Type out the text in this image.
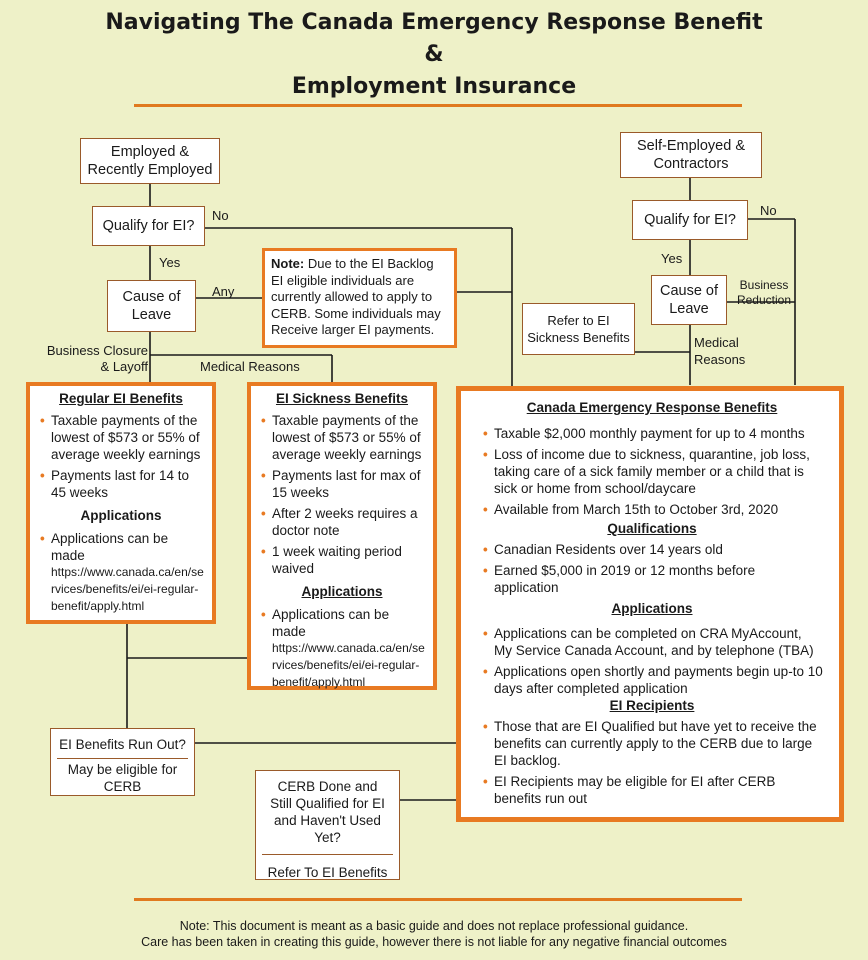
Navigating The Canada Emergency Response Benefit
&
Employment Insurance
Employed & Recently Employed
Qualify for EI?
No
Yes
Cause of Leave
Any
Business Closure & Layoff	Medical Reasons
Note: Due to the EI Backlog EI eligible individuals are currently allowed to apply to CERB. Some individuals may Receive larger EI payments.
Self-Employed & Contractors
Qualify for EI?
No
Yes
Cause of Leave
Business Reduction
Medical Reasons
Refer to EI Sickness Benefits
Regular EI Benefits
• Taxable payments of the lowest of $573 or 55% of average weekly earnings
• Payments last for 14 to 45 weeks
Applications
• Applications can be made
https://www.canada.ca/en/services/benefits/ei/ei-regular-benefit/apply.html
EI Sickness Benefits
• Taxable payments of the lowest of $573 or 55% of average weekly earnings
• Payments last for max of 15 weeks
• After 2 weeks requires a doctor note
• 1 week waiting period waived
Applications
• Applications can be made
https://www.canada.ca/en/services/benefits/ei/ei-regular-benefit/apply.html
Canada Emergency Response Benefits
• Taxable $2,000 monthly payment for up to 4 months
• Loss of income due to sickness, quarantine, job loss, taking care of a sick family member or a child that is sick or home from school/daycare
• Available from March 15th to October 3rd, 2020
Qualifications
• Canadian Residents over 14 years old
• Earned $5,000 in 2019 or 12 months before application
Applications
• Applications can be completed on CRA MyAccount, My Service Canada Account, and by telephone (TBA)
• Applications open shortly and payments begin up-to 10 days after completed application
EI Recipients
• Those that are EI Qualified but have yet to receive the benefits can currently apply to the CERB due to large EI backlog.
• EI Recipients may be eligible for EI after CERB benefits run out
EI Benefits Run Out?
May be eligible for CERB	CERB Done and Still Qualified for EI and Haven't Used Yet?
Refer To EI Benefits
Note: This document is meant as a basic guide and does not replace professional guidance.
Care has been taken in creating this guide, however there is not liable for any negative financial outcomes
